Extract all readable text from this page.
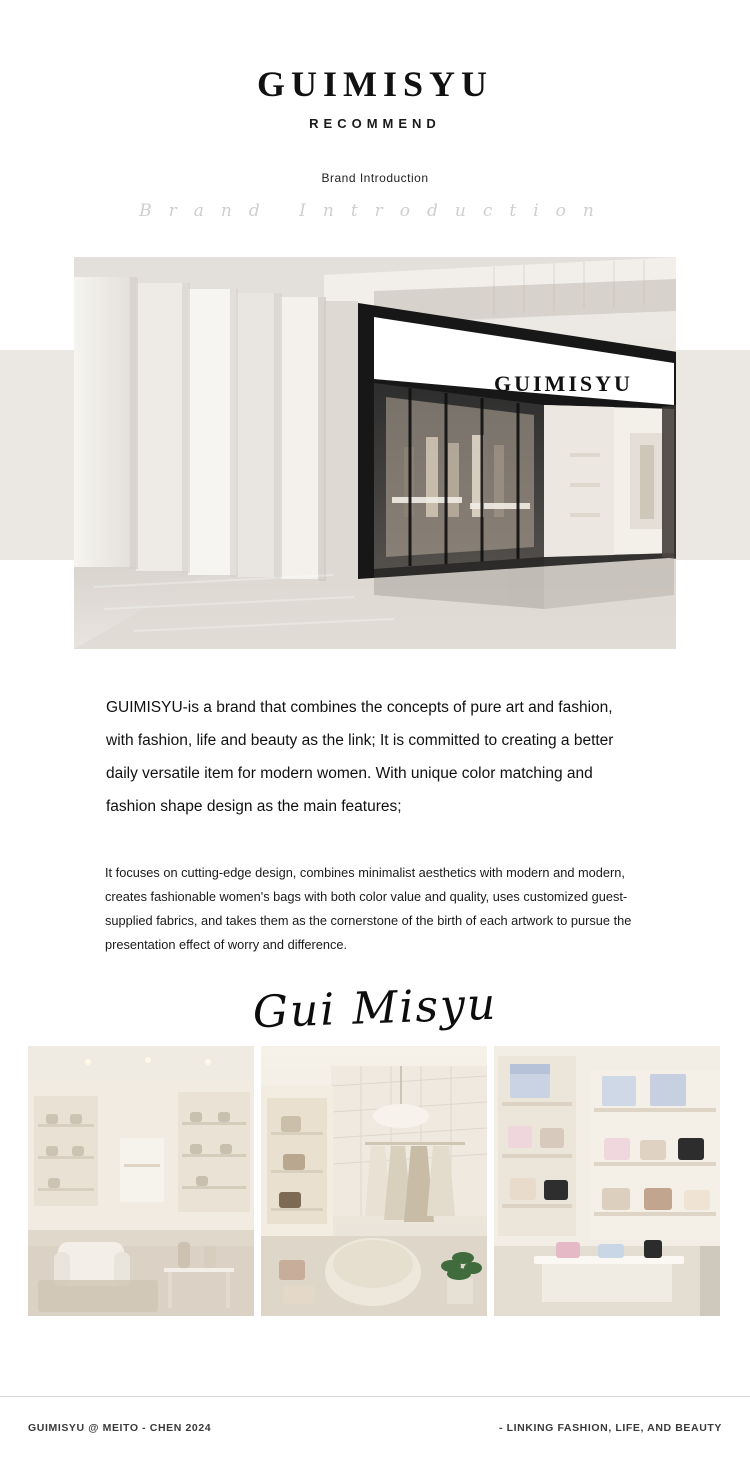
GUIMISYU
RECOMMEND
Brand Introduction
Brand Introduction
GUIMISYU

GUIMISYU-is a brand that combines the concepts of pure art and fashion, with fashion, life and beauty as the link; It is committed to creating a better daily versatile item for modern women. With unique color matching and fashion shape design as the main features;

It focuses on cutting-edge design, combines minimalist aesthetics with modern and modern, creates fashionable women's bags with both color value and quality, uses customized guest-supplied fabrics, and takes them as the cornerstone of the birth of each artwork to pursue the presentation effect of worry and difference.

Gui Misyu
GUIMISYU @ MEITO - CHEN 2024	- LINKING FASHION, LIFE, AND BEAUTY
